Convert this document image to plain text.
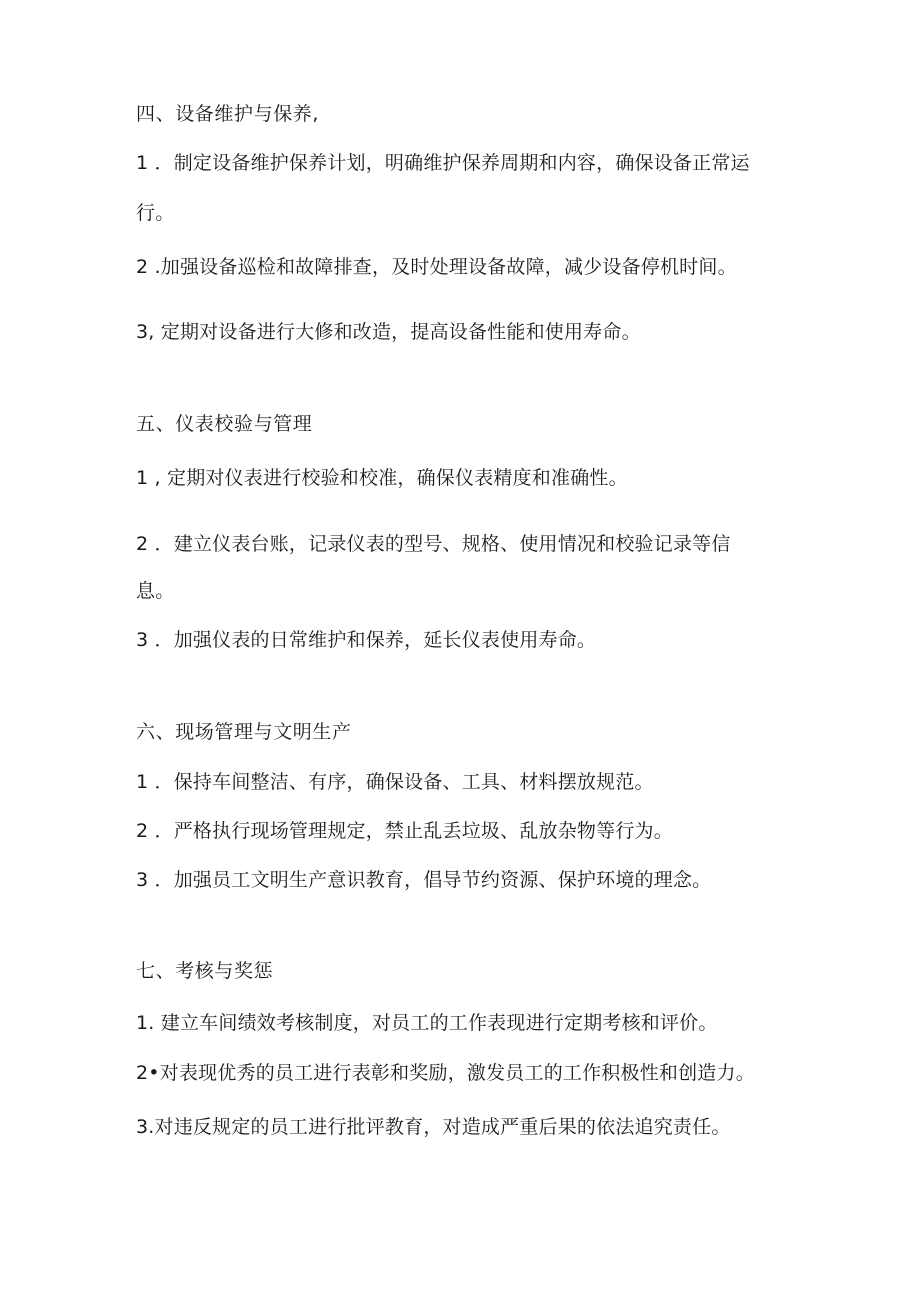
四、设备维护与保养,

1 ．制定设备维护保养计划，明确维护保养周期和内容，确保设备正常运

行。

2 .加强设备巡检和故障排查，及时处理设备故障，减少设备停机时间。

3, 定期对设备进行大修和改造，提高设备性能和使用寿命。

五、仪表校验与管理

1 , 定期对仪表进行校验和校准，确保仪表精度和准确性。

2 ．建立仪表台账，记录仪表的型号、规格、使用情况和校验记录等信

息。

3 ．加强仪表的日常维护和保养，延长仪表使用寿命。

六、现场管理与文明生产

1 ．保持车间整洁、有序，确保设备、工具、材料摆放规范。

2 ．严格执行现场管理规定，禁止乱丢垃圾、乱放杂物等行为。

3 ．加强员工文明生产意识教育，倡导节约资源、保护环境的理念。

七、考核与奖惩

1. 建立车间绩效考核制度，对员工的工作表现进行定期考核和评价。

2•对表现优秀的员工进行表彰和奖励，激发员工的工作积极性和创造力。

3.对违反规定的员工进行批评教育，对造成严重后果的依法追究责任。
